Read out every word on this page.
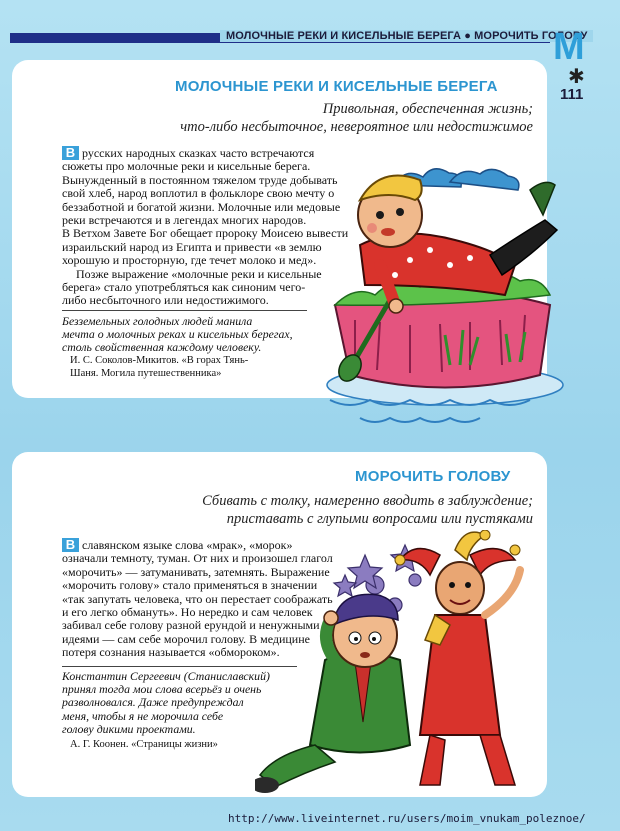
МОЛОЧНЫЕ РЕКИ И КИСЕЛЬНЫЕ БЕРЕГА ● МОРОЧИТЬ ГОЛОВУ
М
✱
111
МОЛОЧНЫЕ РЕКИ И КИСЕЛЬНЫЕ БЕРЕГА
Привольная, обеспеченная жизнь;
что-либо несбыточное, невероятное или недостижимое

В русских народных сказках часто встречаются

сюжеты про молочные реки и кисельные берега.

Вынужденный в постоянном тяжелом труде добывать

свой хлеб, народ воплотил в фольклоре свою мечту о

беззаботной и богатой жизни. Молочные или медовые

реки встречаются и в легендах многих народов.

В Ветхом Завете Бог обещает пророку Моисею вывести

израильский народ из Египта и привести «в землю

хорошую и просторную, где течет молоко и мед».

Позже выражение «молочные реки и кисельные

берега» стало употребляться как синоним чего-

либо несбыточного или недостижимого.

Безземельных голодных людей манила
мечта о молочных реках и кисельных берегах,
столь свойственная каждому человеку.
И. С. Соколов-Микитов. «В горах Тянь-
Шаня. Могила путешественника»
МОРОЧИТЬ ГОЛОВУ
Сбивать с толку, намеренно вводить в заблуждение;
приставать с глупыми вопросами или пустяками

В славянском языке слова «мрак», «морок»

означали темноту, туман. От них и произошел глагол

«морочить» — затуманивать, затемнять. Выражение

«морочить голову» стало применяться в значении

«так запутать человека, что он перестает соображать

и его легко обмануть». Но нередко и сам человек

забивал себе голову разной ерундой и ненужными

идеями — сам себе морочил голову. В медицине

потеря сознания называется «обмороком».

Константин Сергеевич (Станиславский)
принял тогда мои слова всерьёз и очень
разволновался. Даже предупреждал
меня, чтобы я не морочила себе
голову дикими проектами.
А. Г. Коонен. «Страницы жизни»
http://www.liveinternet.ru/users/moim_vnukam_poleznoe/
